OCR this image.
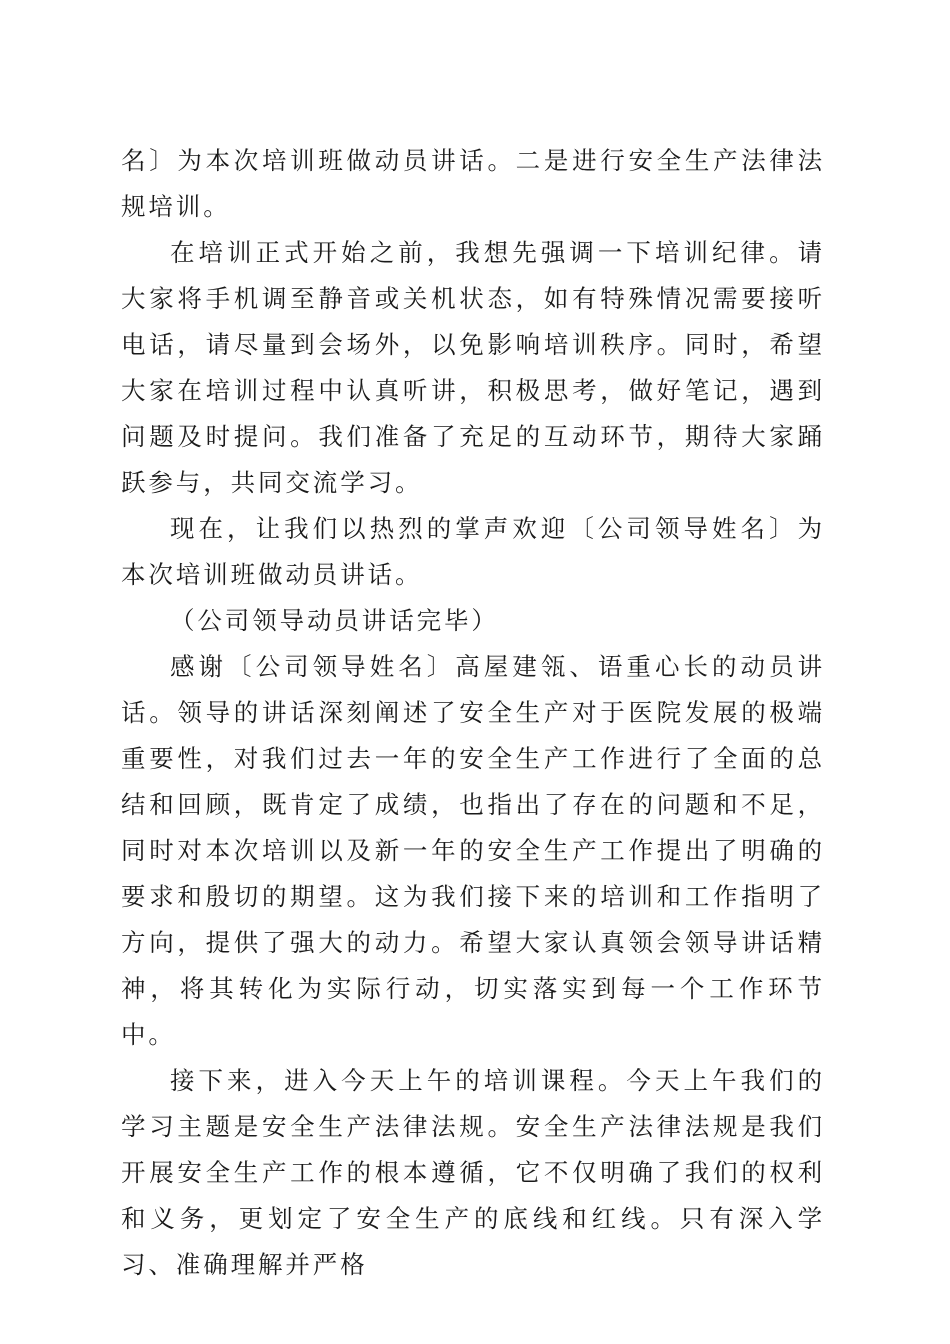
名〕为本次培训班做动员讲话。二是进行安全生产法律法规培训。

在培训正式开始之前，我想先强调一下培训纪律。请大家将手机调至静音或关机状态，如有特殊情况需要接听电话，请尽量到会场外，以免影响培训秩序。同时，希望大家在培训过程中认真听讲，积极思考，做好笔记，遇到问题及时提问。我们准备了充足的互动环节，期待大家踊跃参与，共同交流学习。

现在，让我们以热烈的掌声欢迎〔公司领导姓名〕为本次培训班做动员讲话。

（公司领导动员讲话完毕）

感谢〔公司领导姓名〕高屋建瓴、语重心长的动员讲话。领导的讲话深刻阐述了安全生产对于医院发展的极端重要性，对我们过去一年的安全生产工作进行了全面的总结和回顾，既肯定了成绩，也指出了存在的问题和不足，同时对本次培训以及新一年的安全生产工作提出了明确的要求和殷切的期望。这为我们接下来的培训和工作指明了方向，提供了强大的动力。希望大家认真领会领导讲话精神，将其转化为实际行动，切实落实到每一个工作环节中。

接下来，进入今天上午的培训课程。今天上午我们的学习主题是安全生产法律法规。安全生产法律法规是我们开展安全生产工作的根本遵循，它不仅明确了我们的权利和义务，更划定了安全生产的底线和红线。只有深入学习、准确理解并严格
